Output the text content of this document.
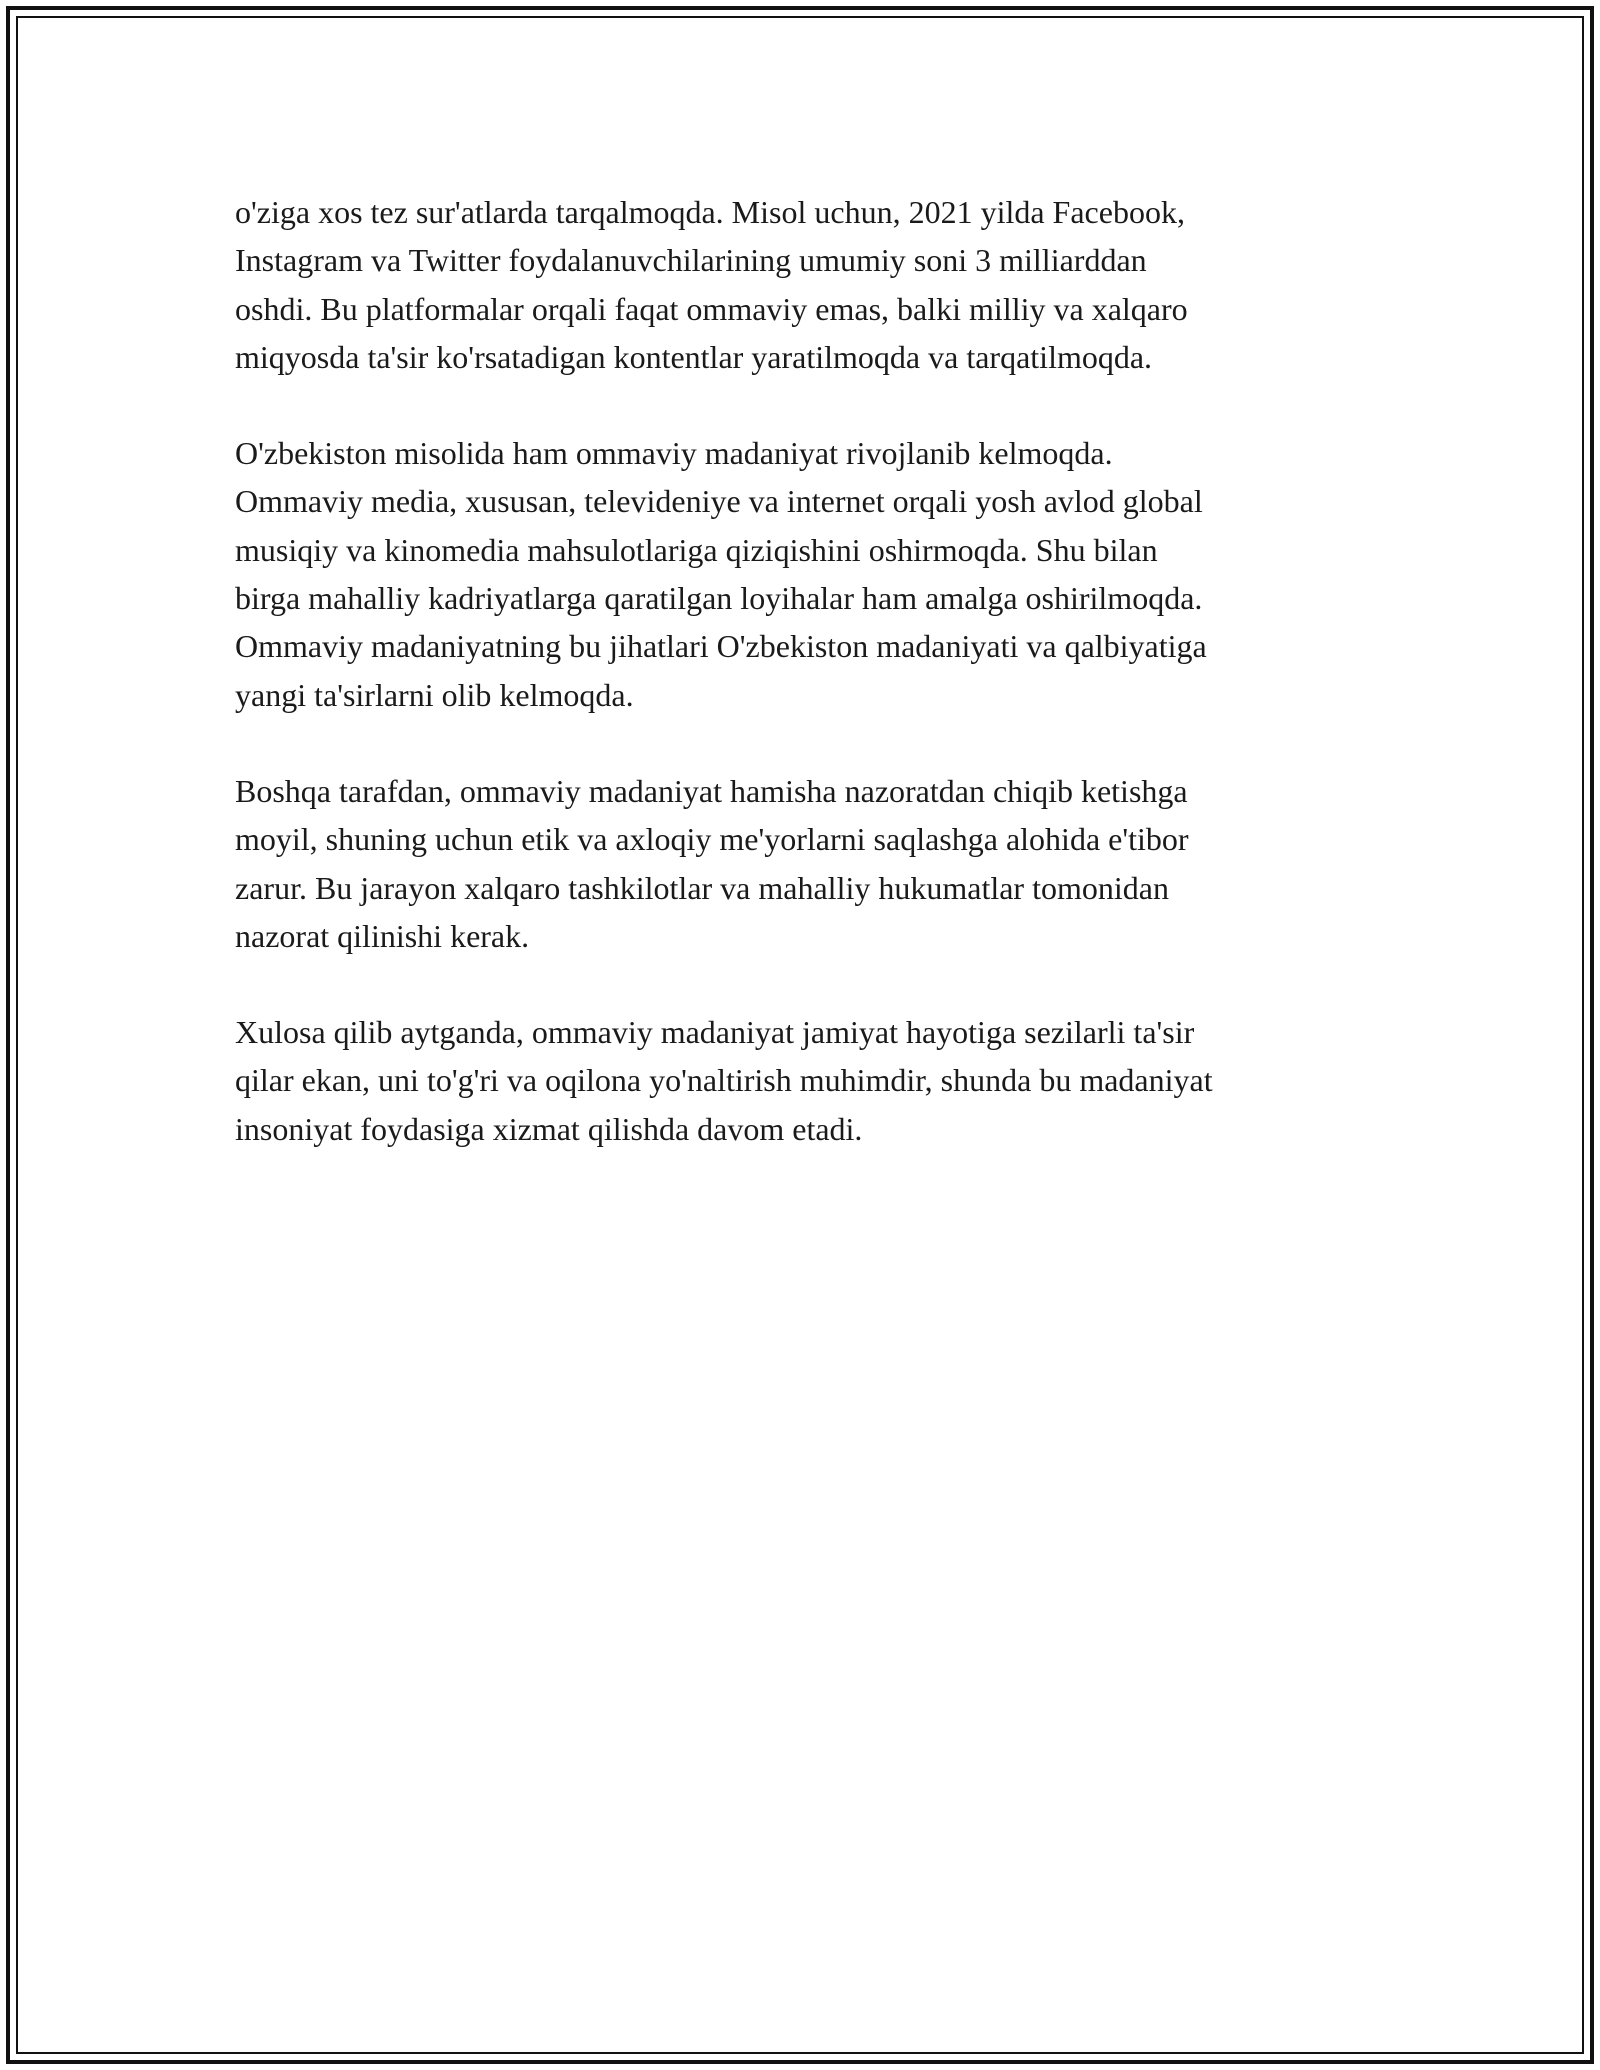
o'ziga xos tez sur'atlarda tarqalmoqda. Misol uchun, 2021 yilda Facebook,
Instagram va Twitter foydalanuvchilarining umumiy soni 3 milliarddan
oshdi. Bu platformalar orqali faqat ommaviy emas, balki milliy va xalqaro
miqyosda ta'sir ko'rsatadigan kontentlar yaratilmoqda va tarqatilmoqda.

O'zbekiston misolida ham ommaviy madaniyat rivojlanib kelmoqda.
Ommaviy media, xususan, televideniye va internet orqali yosh avlod global
musiqiy va kinomedia mahsulotlariga qiziqishini oshirmoqda. Shu bilan
birga mahalliy kadriyatlarga qaratilgan loyihalar ham amalga oshirilmoqda.
Ommaviy madaniyatning bu jihatlari O'zbekiston madaniyati va qalbiyatiga
yangi ta'sirlarni olib kelmoqda.

Boshqa tarafdan, ommaviy madaniyat hamisha nazoratdan chiqib ketishga
moyil, shuning uchun etik va axloqiy me'yorlarni saqlashga alohida e'tibor
zarur. Bu jarayon xalqaro tashkilotlar va mahalliy hukumatlar tomonidan
nazorat qilinishi kerak.

Xulosa qilib aytganda, ommaviy madaniyat jamiyat hayotiga sezilarli ta'sir
qilar ekan, uni to'g'ri va oqilona yo'naltirish muhimdir, shunda bu madaniyat
insoniyat foydasiga xizmat qilishda davom etadi.
